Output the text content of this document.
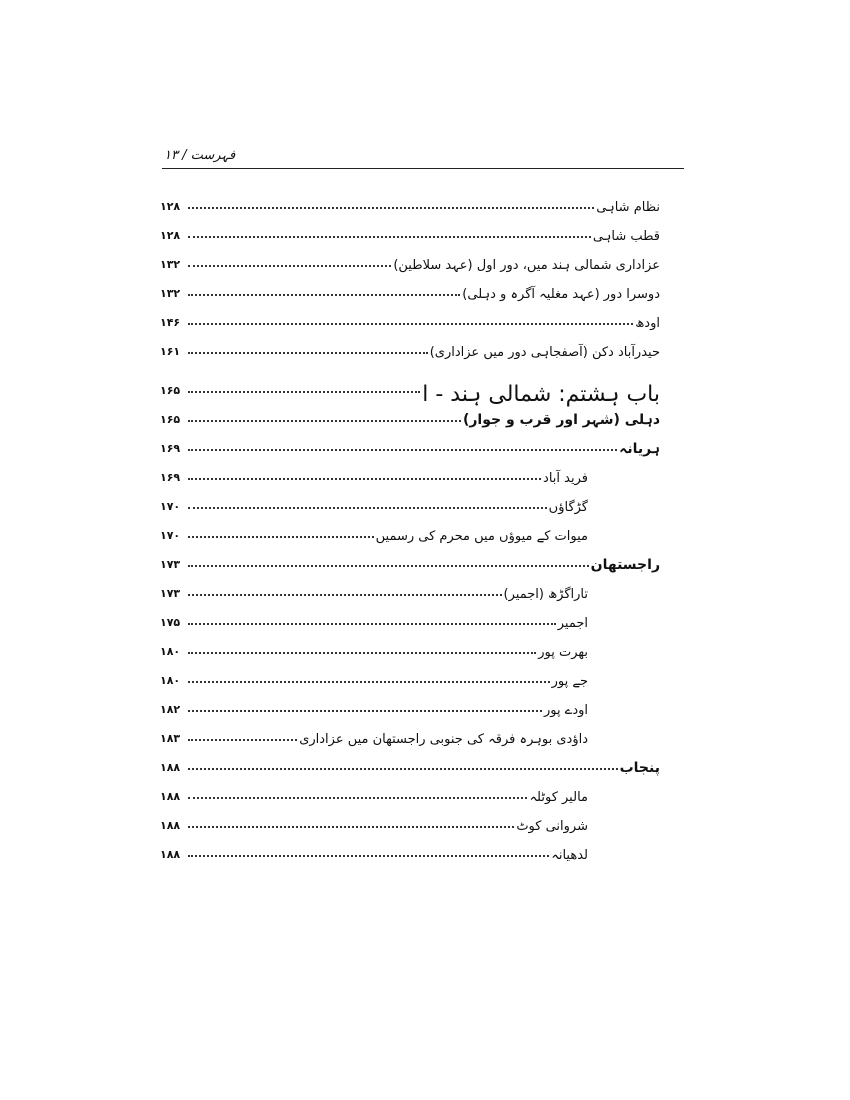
فہرست / ۱۳
۱۲۸	نظام شاہی
۱۲۸	قطب شاہی
۱۳۲	عزاداری شمالی ہند میں، دور اول (عہد سلاطین)
۱۳۲	دوسرا دور (عہد مغلیہ آگرہ و دہلی)
۱۴۶	اودھ
۱۶۱	حیدرآباد دکن (آصفجاہی دور میں عزاداری)
۱۶۵	باب ہشتم: شمالی ہند - ا
۱۶۵	دہلی (شہر اور قرب و جوار)
۱۶۹	ہریانہ
۱۶۹	فرید آباد
۱۷۰	گڑگاؤں
۱۷۰	میوات کے میوؤں میں محرم کی رسمیں
۱۷۳	راجستھان
۱۷۳	تاراگڑھ (اجمیر)
۱۷۵	اجمیر
۱۸۰	بھرت پور
۱۸۰	جے پور
۱۸۲	اودے پور
۱۸۳	داؤدی بوہرہ فرقہ کی جنوبی راجستھان میں عزاداری
۱۸۸	پنجاب
۱۸۸	مالیر کوٹلہ
۱۸۸	شروانی کوٹ
۱۸۸	لدھیانہ
